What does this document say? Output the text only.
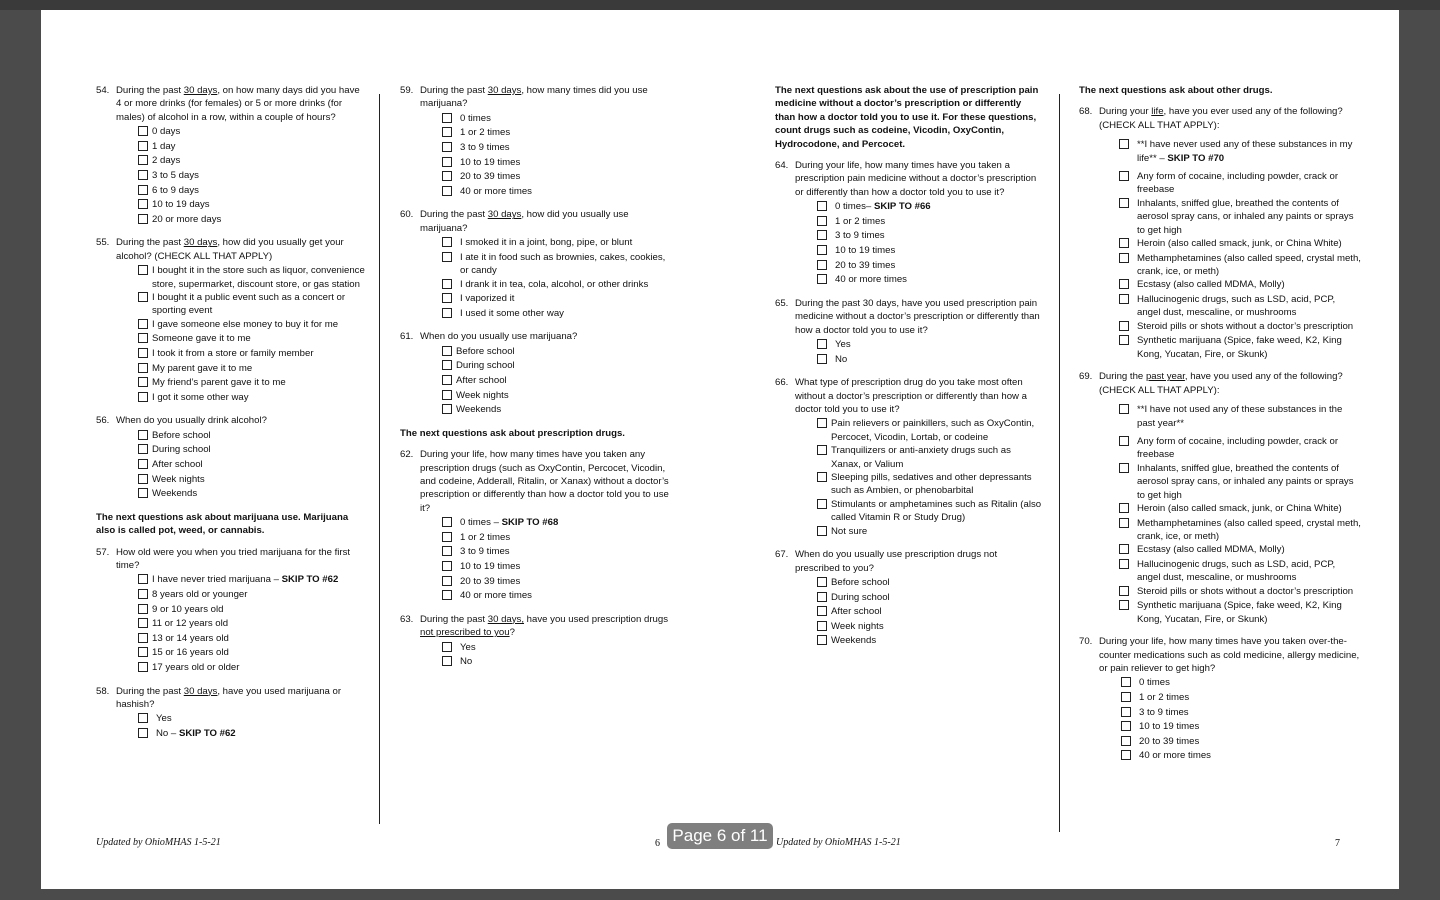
54. During the past 30 days, on how many days did you have 4 or more drinks (for females) or 5 or more drinks (for males) of alcohol in a row, within a couple of hours?
0 days
1 day
2 days
3 to 5 days
6 to 9 days
10 to 19 days
20 or more days
55. During the past 30 days, how did you usually get your alcohol? (CHECK ALL THAT APPLY)
I bought it in the store such as liquor, convenience store, supermarket, discount store, or gas station
I bought it a public event such as a concert or sporting event
I gave someone else money to buy it for me
Someone gave it to me
I took it from a store or family member
My parent gave it to me
My friend’s parent gave it to me
I got it some other way
56. When do you usually drink alcohol?
Before school
During school
After school
Week nights
Weekends
The next questions ask about marijuana use. Marijuana also is called pot, weed, or cannabis.
57. How old were you when you tried marijuana for the first time?
I have never tried marijuana – SKIP TO #62
8 years old or younger
9 or 10 years old
11 or 12 years old
13 or 14 years old
15 or 16 years old
17 years old or older
58. During the past 30 days, have you used marijuana or hashish?
Yes
No – SKIP TO #62
59. During the past 30 days, how many times did you use marijuana?
0 times
1 or 2 times
3 to 9 times
10 to 19 times
20 to 39 times
40 or more times
60. During the past 30 days, how did you usually use marijuana?
I smoked it in a joint, bong, pipe, or blunt
I ate it in food such as brownies, cakes, cookies, or candy
I drank it in tea, cola, alcohol, or other drinks
I vaporized it
I used it some other way
61. When do you usually use marijuana?
Before school
During school
After school
Week nights
Weekends
The next questions ask about prescription drugs.
62. During your life, how many times have you taken any prescription drugs (such as OxyContin, Percocet, Vicodin, and codeine, Adderall, Ritalin, or Xanax) without a doctor’s prescription or differently than how a doctor told you to use it?
0 times – SKIP TO #68
1 or 2 times
3 to 9 times
10 to 19 times
20 to 39 times
40 or more times
63. During the past 30 days, have you used prescription drugs not prescribed to you?
Yes
No
The next questions ask about the use of prescription pain medicine without a doctor’s prescription or differently than how a doctor told you to use it. For these questions, count drugs such as codeine, Vicodin, OxyContin, Hydrocodone, and Percocet.
64. During your life, how many times have you taken a prescription pain medicine without a doctor’s prescription or differently than how a doctor told you to use it?
0 times– SKIP TO #66
1 or 2 times
3 to 9 times
10 to 19 times
20 to 39 times
40 or more times
65. During the past 30 days, have you used prescription pain medicine without a doctor’s prescription or differently than how a doctor told you to use it?
Yes
No
66. What type of prescription drug do you take most often without a doctor’s prescription or differently than how a doctor told you to use it?
Pain relievers or painkillers, such as OxyContin, Percocet, Vicodin, Lortab, or codeine
Tranquilizers or anti-anxiety drugs such as Xanax, or Valium
Sleeping pills, sedatives and other depressants such as Ambien, or phenobarbital
Stimulants or amphetamines such as Ritalin (also called Vitamin R or Study Drug)
Not sure
67. When do you usually use prescription drugs not prescribed to you?
Before school
During school
After school
Week nights
Weekends
The next questions ask about other drugs.
68. During your life, have you ever used any of the following? (CHECK ALL THAT APPLY):
**I have never used any of these substances in my life** – SKIP TO #70
Any form of cocaine, including powder, crack or freebase
Inhalants, sniffed glue, breathed the contents of aerosol spray cans, or inhaled any paints or sprays to get high
Heroin (also called smack, junk, or China White)
Methamphetamines (also called speed, crystal meth, crank, ice, or meth)
Ecstasy (also called MDMA, Molly)
Hallucinogenic drugs, such as LSD, acid, PCP, angel dust, mescaline, or mushrooms
Steroid pills or shots without a doctor’s prescription
Synthetic marijuana (Spice, fake weed, K2, King Kong, Yucatan, Fire, or Skunk)
69. During the past year, have you used any of the following? (CHECK ALL THAT APPLY):
**I have not used any of these substances in the past year**
Any form of cocaine, including powder, crack or freebase
Inhalants, sniffed glue, breathed the contents of aerosol spray cans, or inhaled any paints or sprays to get high
Heroin (also called smack, junk, or China White)
Methamphetamines (also called speed, crystal meth, crank, ice, or meth)
Ecstasy (also called MDMA, Molly)
Hallucinogenic drugs, such as LSD, acid, PCP, angel dust, mescaline, or mushrooms
Steroid pills or shots without a doctor’s prescription
Synthetic marijuana (Spice, fake weed, K2, King Kong, Yucatan, Fire, or Skunk)
70. During your life, how many times have you taken over-the-counter medications such as cold medicine, allergy medicine, or pain reliever to get high?
0 times
1 or 2 times
3 to 9 times
10 to 19 times
20 to 39 times
40 or more times
Updated by OhioMHAS 1-5-21	6	Updated by OhioMHAS 1-5-21	7
Page 6 of 11
